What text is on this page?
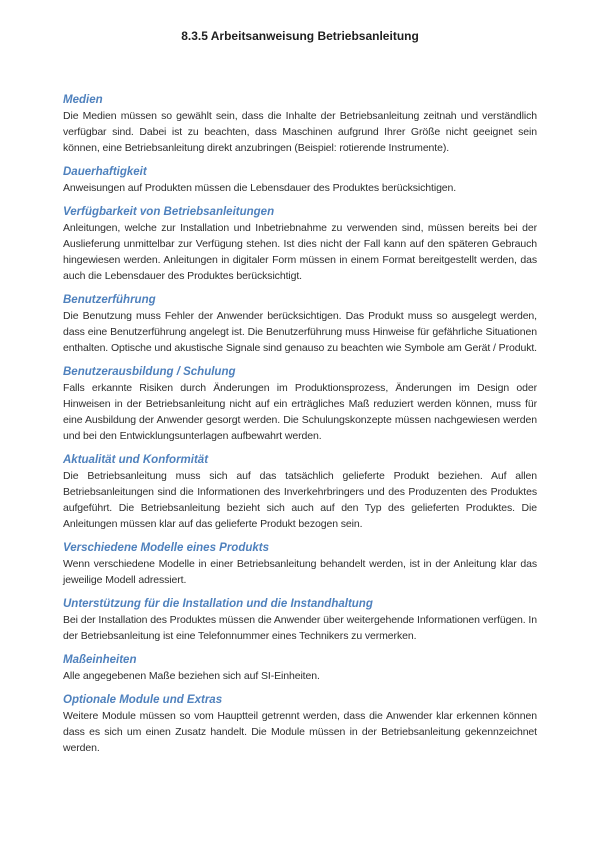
8.3.5 Arbeitsanweisung Betriebsanleitung
Medien

Die Medien müssen so gewählt sein, dass die Inhalte der Betriebsanleitung zeitnah und verständlich verfügbar sind. Dabei ist zu beachten, dass Maschinen aufgrund Ihrer Größe nicht geeignet sein können, eine Betriebsanleitung direkt anzubringen (Beispiel: rotierende Instrumente).

Dauerhaftigkeit

Anweisungen auf Produkten müssen die Lebensdauer des Produktes berücksichtigen.

Verfügbarkeit von Betriebsanleitungen

Anleitungen, welche zur Installation und Inbetriebnahme zu verwenden sind, müssen bereits bei der Auslieferung unmittelbar zur Verfügung stehen. Ist dies nicht der Fall kann auf den späteren Gebrauch hingewiesen werden. Anleitungen in digitaler Form müssen in einem Format bereitgestellt werden, das auch die Lebensdauer des Produktes berücksichtigt.

Benutzerführung

Die Benutzung muss Fehler der Anwender berücksichtigen. Das Produkt muss so ausgelegt werden, dass eine Benutzerführung angelegt ist. Die Benutzerführung muss Hinweise für gefährliche Situationen enthalten. Optische und akustische Signale sind genauso zu beachten wie Symbole am Gerät / Produkt.

Benutzerausbildung / Schulung

Falls erkannte Risiken durch Änderungen im Produktionsprozess, Änderungen im Design oder Hinweisen in der Betriebsanleitung nicht auf ein erträgliches Maß reduziert werden können, muss für eine Ausbildung der Anwender gesorgt werden. Die Schulungskonzepte müssen nachgewiesen werden und bei den Entwicklungsunterlagen aufbewahrt werden.

Aktualität und Konformität

Die Betriebsanleitung muss sich auf das tatsächlich gelieferte Produkt beziehen. Auf allen Betriebsanleitungen sind die Informationen des Inverkehrbringers und des Produzenten des Produktes aufgeführt. Die Betriebsanleitung bezieht sich auch auf den Typ des gelieferten Produktes. Die Anleitungen müssen klar auf das gelieferte Produkt bezogen sein.

Verschiedene Modelle eines Produkts

Wenn verschiedene Modelle in einer Betriebsanleitung behandelt werden, ist in der Anleitung klar das jeweilige Modell adressiert.

Unterstützung für die Installation und die Instandhaltung

Bei der Installation des Produktes müssen die Anwender über weitergehende Informationen verfügen. In der Betriebsanleitung ist eine Telefonnummer eines Technikers zu vermerken.

Maßeinheiten

Alle angegebenen Maße beziehen sich auf SI-Einheiten.

Optionale Module und Extras

Weitere Module müssen so vom Hauptteil getrennt werden, dass die Anwender klar erkennen können dass es sich um einen Zusatz handelt. Die Module müssen in der Betriebsanleitung gekennzeichnet werden.
